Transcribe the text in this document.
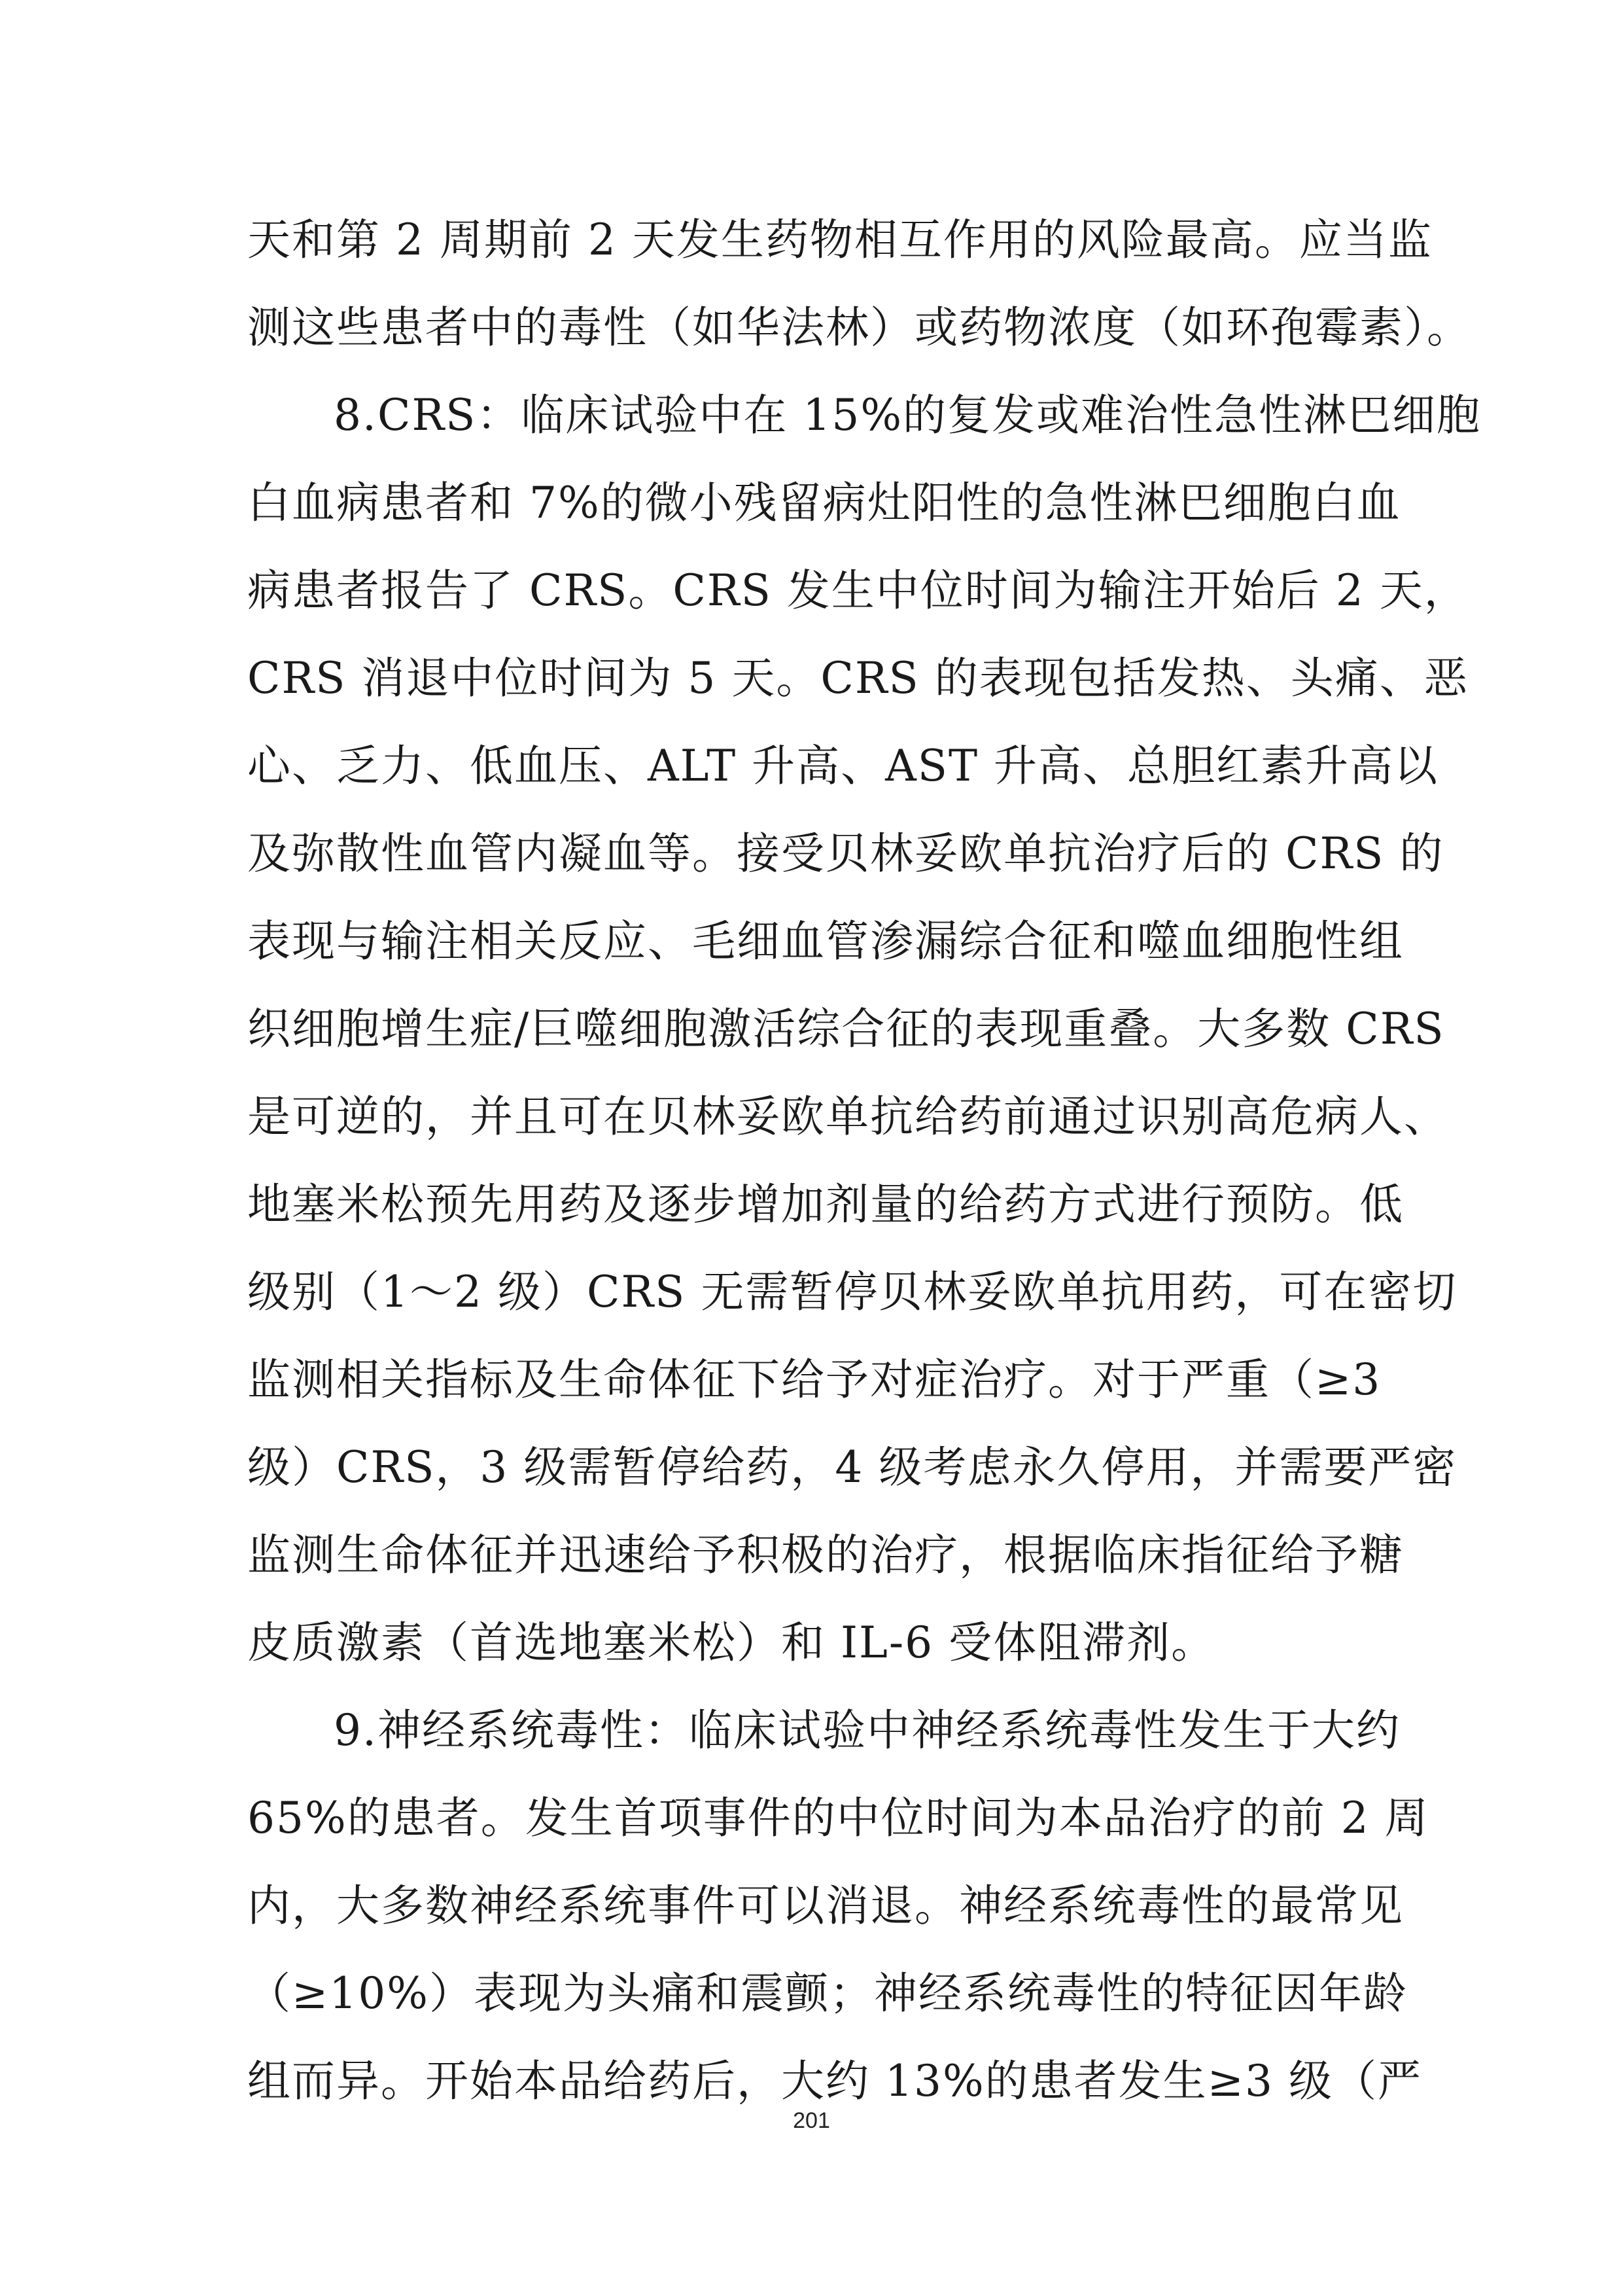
天和第 2 周期前 2 天发生药物相互作用的风险最高。应当监
测这些患者中的毒性（如华法林）或药物浓度（如环孢霉素）。
8.CRS：临床试验中在 15%的复发或难治性急性淋巴细胞
白血病患者和 7%的微小残留病灶阳性的急性淋巴细胞白血
病患者报告了 CRS。CRS 发生中位时间为输注开始后 2 天，
CRS 消退中位时间为 5 天。CRS 的表现包括发热、头痛、恶
心、乏力、低血压、ALT 升高、AST 升高、总胆红素升高以
及弥散性血管内凝血等。接受贝林妥欧单抗治疗后的 CRS 的
表现与输注相关反应、毛细血管渗漏综合征和噬血细胞性组
织细胞增生症/巨噬细胞激活综合征的表现重叠。大多数 CRS
是可逆的，并且可在贝林妥欧单抗给药前通过识别高危病人、
地塞米松预先用药及逐步增加剂量的给药方式进行预防。低
级别（1～2 级）CRS 无需暂停贝林妥欧单抗用药，可在密切
监测相关指标及生命体征下给予对症治疗。对于严重（≥3
级）CRS，3 级需暂停给药，4 级考虑永久停用，并需要严密
监测生命体征并迅速给予积极的治疗，根据临床指征给予糖
皮质激素（首选地塞米松）和 IL-6 受体阻滞剂。
9.神经系统毒性：临床试验中神经系统毒性发生于大约
65%的患者。发生首项事件的中位时间为本品治疗的前 2 周
内，大多数神经系统事件可以消退。神经系统毒性的最常见
（≥10%）表现为头痛和震颤；神经系统毒性的特征因年龄
组而异。开始本品给药后，大约 13%的患者发生≥3 级（严
201
